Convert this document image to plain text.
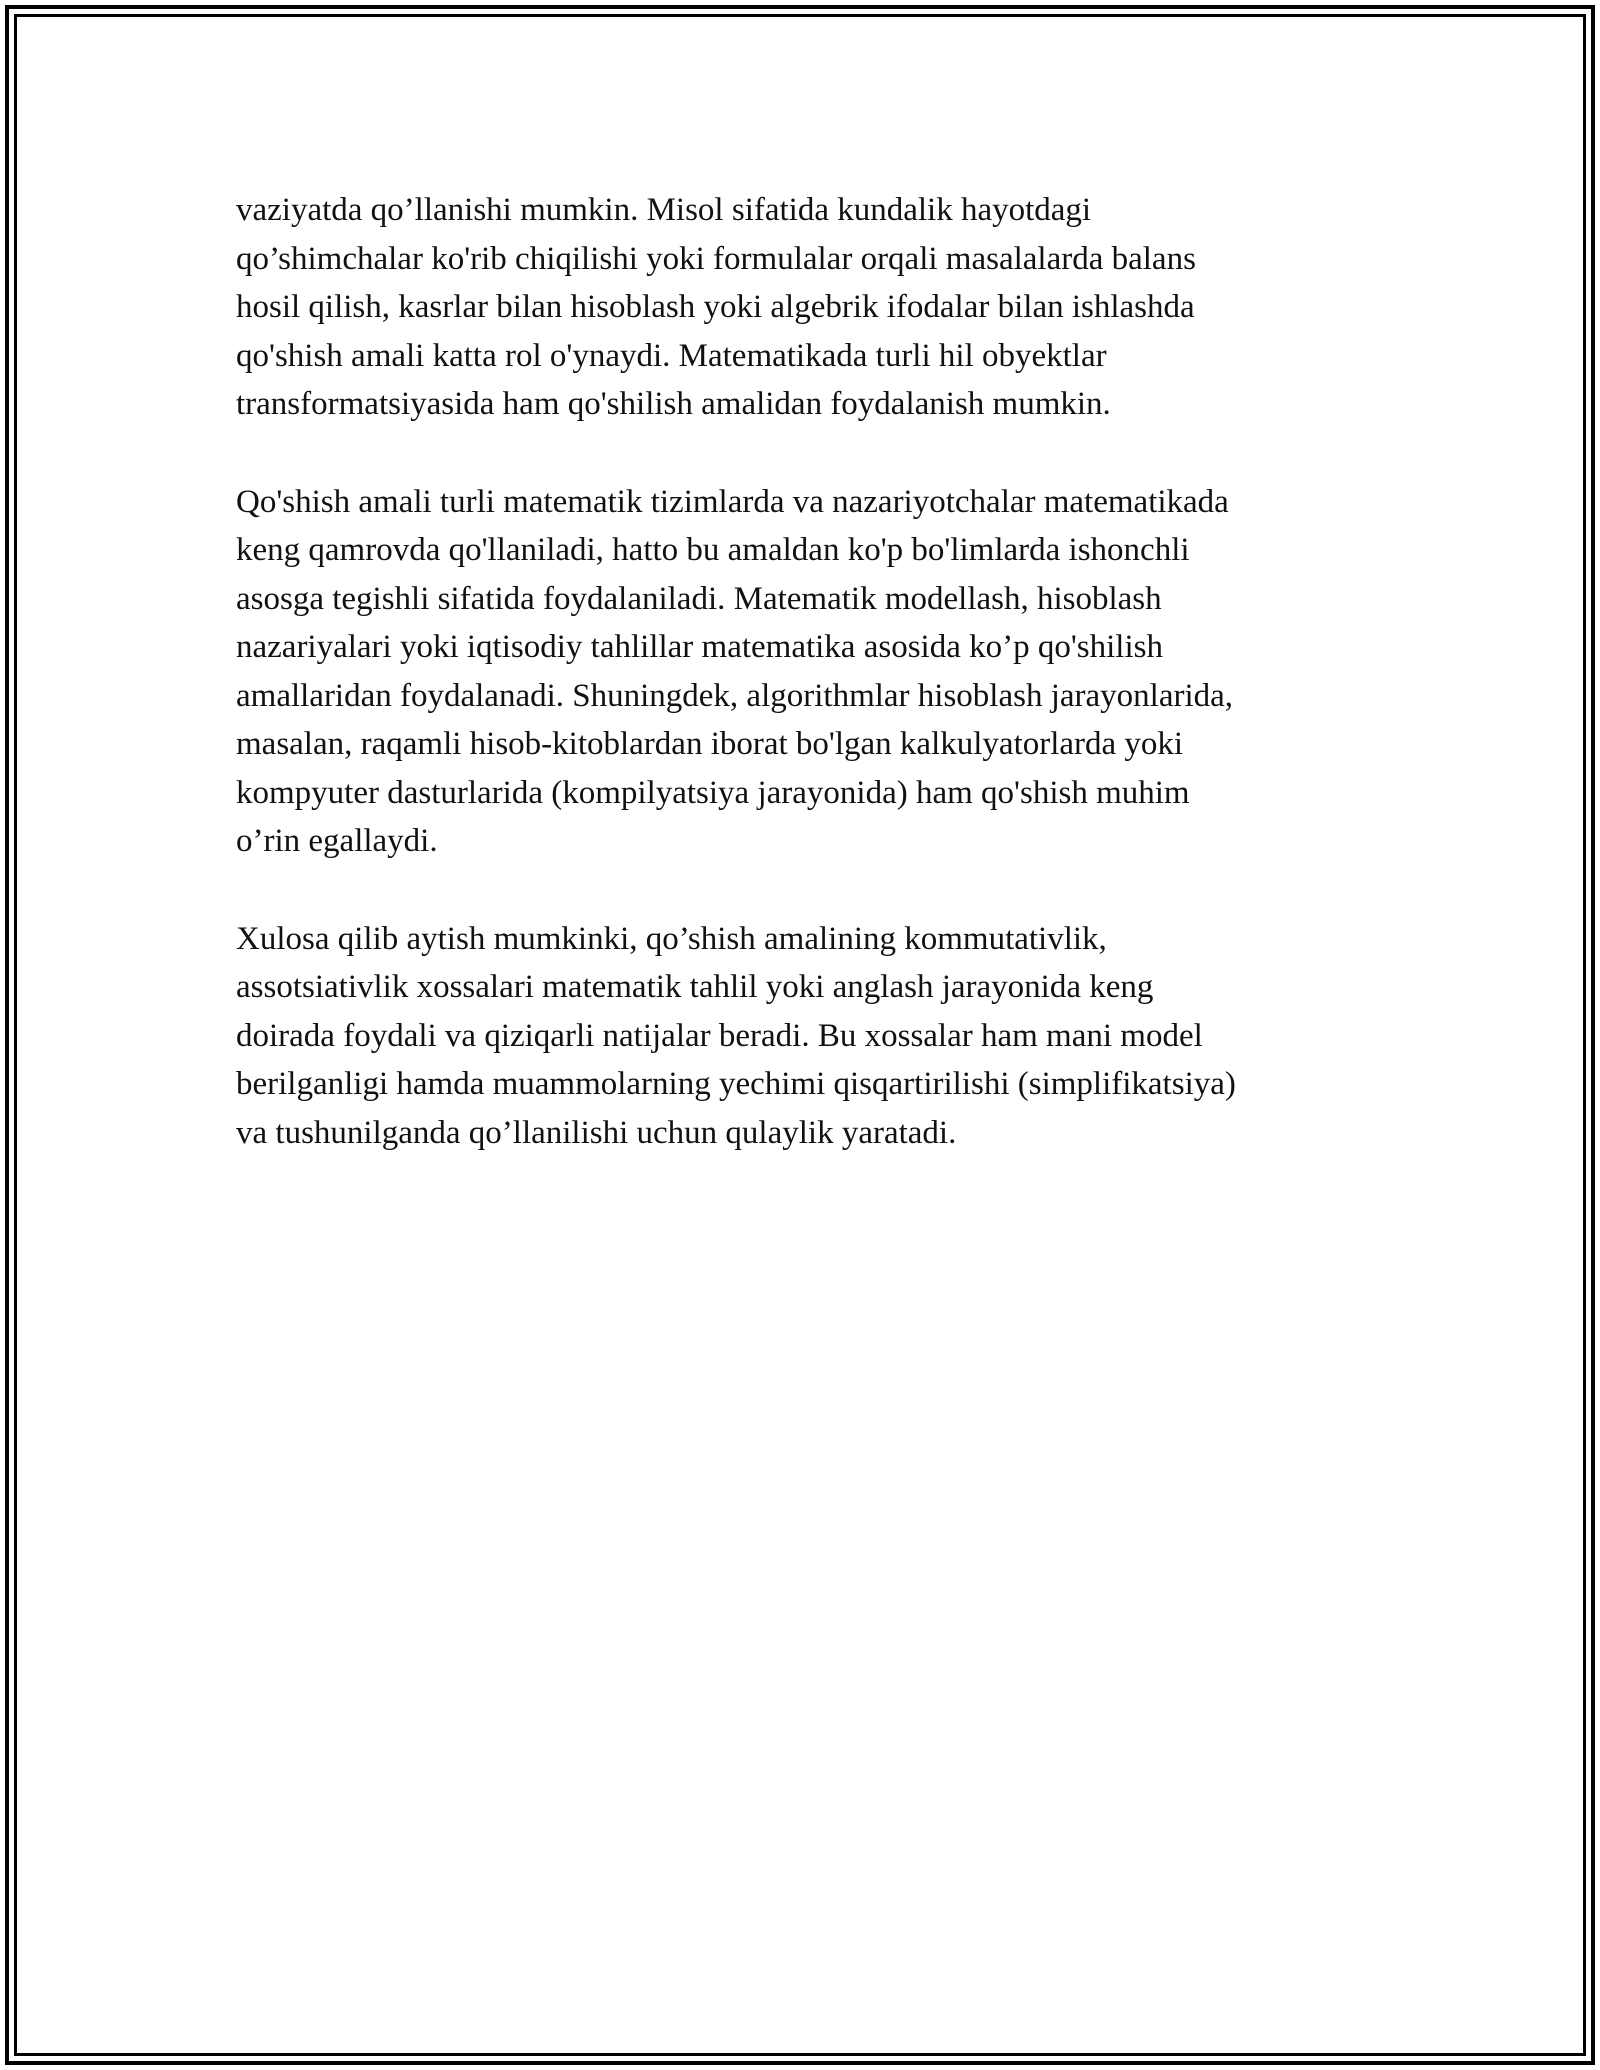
vaziyatda qo’llanishi mumkin. Misol sifatida kundalik hayotdagi
qo’shimchalar ko'rib chiqilishi yoki formulalar orqali masalalarda balans
hosil qilish, kasrlar bilan hisoblash yoki algebrik ifodalar bilan ishlashda
qo'shish amali katta rol o'ynaydi. Matematikada turli hil obyektlar
transformatsiyasida ham qo'shilish amalidan foydalanish mumkin.

Qo'shish amali turli matematik tizimlarda va nazariyotchalar matematikada
keng qamrovda qo'llaniladi, hatto bu amaldan ko'p bo'limlarda ishonchli
asosga tegishli sifatida foydalaniladi. Matematik modellash, hisoblash
nazariyalari yoki iqtisodiy tahlillar matematika asosida ko’p qo'shilish
amallaridan foydalanadi. Shuningdek, algorithmlar hisoblash jarayonlarida,
masalan, raqamli hisob-kitoblardan iborat bo'lgan kalkulyatorlarda yoki
kompyuter dasturlarida (kompilyatsiya jarayonida) ham qo'shish muhim
o’rin egallaydi.

Xulosa qilib aytish mumkinki, qo’shish amalining kommutativlik,
assotsiativlik xossalari matematik tahlil yoki anglash jarayonida keng
doirada foydali va qiziqarli natijalar beradi. Bu xossalar ham mani model
berilganligi hamda muammolarning yechimi qisqartirilishi (simplifikatsiya)
va tushunilganda qo’llanilishi uchun qulaylik yaratadi.
